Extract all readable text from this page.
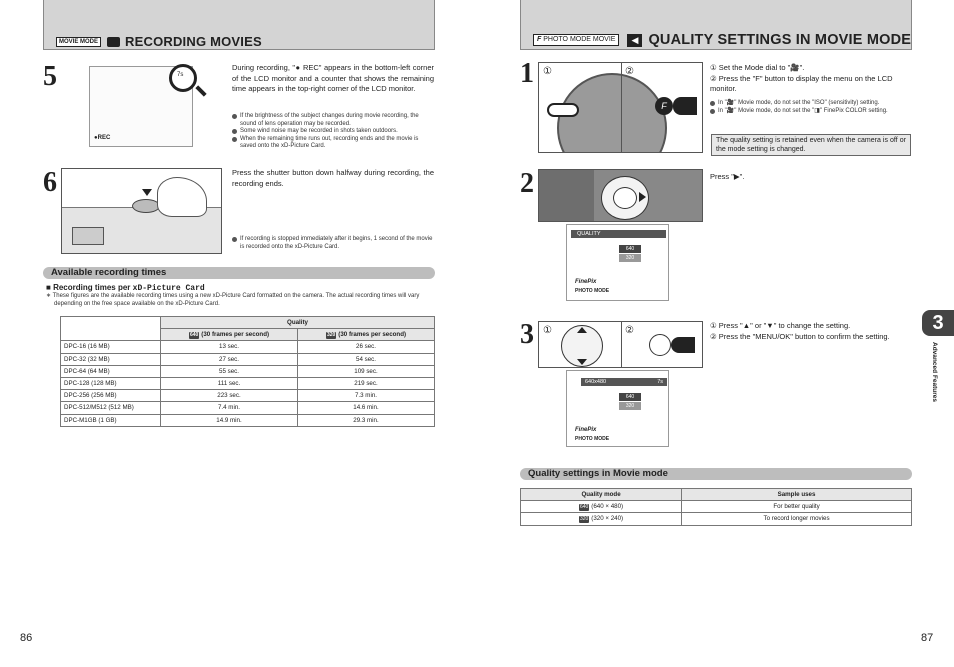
MOVIE MODE RECORDING MOVIES
5
●REC
7s
During recording, "● REC" appears in the bottom-left corner of the LCD monitor and a counter that shows the remaining time appears in the top-right corner of the LCD monitor.
If the brightness of the subject changes during movie recording, the sound of lens operation may be recorded.
Some wind noise may be recorded in shots taken outdoors.
When the remaining time runs out, recording ends and the movie is saved onto the xD-Picture Card.
6	Press the shutter button down halfway during recording, the recording ends.
If recording is stopped immediately after it begins, 1 second of the movie is recorded onto the xD-Picture Card.
Available recording times
■ Recording times per xD-Picture Card
∗ These figures are the available recording times using a new xD-Picture Card formatted on the camera. The actual recording times will vary depending on the free space available on the xD-Picture Card.
	Quality	
	640 (30 frames per second)	320 (30 frames per second)
DPC-16 (16 MB)	13 sec.	26 sec.
DPC-32 (32 MB)	27 sec.	54 sec.
DPC-64 (64 MB)	55 sec.	109 sec.
DPC-128 (128 MB)	111 sec.	219 sec.
DPC-256 (256 MB)	223 sec.	7.3 min.
DPC-512/M512 (512 MB)	7.4 min.	14.6 min.
DPC-M1GB (1 GB)	14.9 min.	29.3 min.
86
F PHOTO MODE MOVIE	◀ QUALITY SETTINGS IN MOVIE MODE
1 ①	②
F
① Set the Mode dial to "🎥".
② Press the "F" button to display the menu on the LCD monitor.
In "🎥" Movie mode, do not set the "ISO" (sensitivity) setting.
In "🎥" Movie mode, do not set the "◨" FinePix COLOR setting.
The quality setting is retained even when the camera is off or the mode setting is changed.
2	Press "▶".
QUALITY
640
320
FinePix
PHOTO MODE
3 ①	②	① Press "▲" or "▼" to change the setting.
② Press the "MENU/OK" button to confirm the setting.
640x480	7s
640
320
FinePix
PHOTO MODE
Quality settings in Movie mode
Quality mode	Sample uses
640 (640 × 480)	For better quality
320 (320 × 240)	To record longer movies
3
Advanced Features
87
